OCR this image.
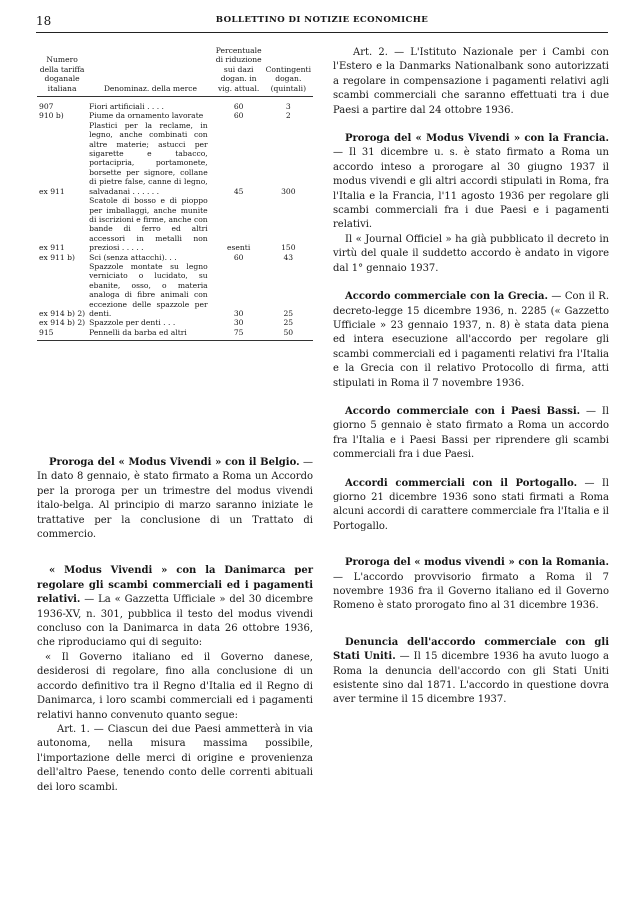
18	BOLLETTINO DI NOTIZIE ECONOMICHE
Numero della tariffa doganale italiana	Denominaz. della merce	Percentuale di riduzione sui dazi dogan. in vig. attual.	Contingenti dogan. (quintali)
907	Fiori artificiali . . . .	60	3
910 b)	Piume da ornamento lavorate	60	2
ex 911	Plastici per la reclame, in legno, anche combinati con altre materie; astucci per sigarette e tabacco, portacipria, portamonete, borsette per signore, collane di pietre false, canne di legno, salvadanai . . . . . .	45	300
ex 911	Scatole di bosso e di pioppo per imballaggi, anche munite di iscrizioni e firme, anche con bande di ferro ed altri accessori in metalli non preziosi . . . . .	esenti	150
ex 911 b)	Sci (senza attacchi). . .	60	43
ex 914 b) 2)	Spazzole montate su legno verniciato o lucidato, su ebanite, osso, o materia analoga di fibre animali con eccezione delle spazzole per denti.	30	25
ex 914 b) 2)	Spazzole per denti . . .	30	25
915	Pennelli da barba ed altri	75	50

Proroga del « Modus Vivendi » con il Belgio. — In dato 8 gennaio, è stato firmato a Roma un Accordo per la proroga per un trimestre del modus vivendi italo-belga. Al principio di marzo saranno iniziate le trattative per la conclusione di un Trattato di commercio.

« Modus Vivendi » con la Danimarca per regolare gli scambi commerciali ed i pagamenti relativi. — La « Gazzetta Ufficiale » del 30 dicembre 1936-XV, n. 301, pubblica il testo del modus vivendi concluso con la Danimarca in data 26 ottobre 1936, che riproduciamo qui di seguito:

« Il Governo italiano ed il Governo danese, desiderosi di regolare, fino alla conclusione di un accordo definitivo tra il Regno d'Italia ed il Regno di Danimarca, i loro scambi commerciali ed i pagamenti relativi hanno convenuto quanto segue:

Art. 1. — Ciascun dei due Paesi ammetterà in via autonoma, nella misura massima possibile, l'importazione delle merci di origine e provenienza dell'altro Paese, tenendo conto delle correnti abituali dei loro scambi.

Art. 2. — L'Istituto Nazionale per i Cambi con l'Estero e la Danmarks Nationalbank sono autorizzati a regolare in compensazione i pagamenti relativi agli scambi commerciali che saranno effettuati tra i due Paesi a partire dal 24 ottobre 1936.

Proroga del « Modus Vivendi » con la Francia. — Il 31 dicembre u. s. è stato firmato a Roma un accordo inteso a prorogare al 30 giugno 1937 il modus vivendi e gli altri accordi stipulati in Roma, fra l'Italia e la Francia, l'11 agosto 1936 per regolare gli scambi commerciali fra i due Paesi e i pagamenti relativi.

Il « Journal Officiel » ha già pubblicato il decreto in virtù del quale il suddetto accordo è andato in vigore dal 1° gennaio 1937.

Accordo commerciale con la Grecia. — Con il R. decreto-legge 15 dicembre 1936, n. 2285 (« Gazzetto Ufficiale » 23 gennaio 1937, n. 8) è stata data piena ed intera esecuzione all'accordo per regolare gli scambi commerciali ed i pagamenti relativi fra l'Italia e la Grecia con il relativo Protocollo di firma, atti stipulati in Roma il 7 novembre 1936.

Accordo commerciale con i Paesi Bassi. — Il giorno 5 gennaio è stato firmato a Roma un accordo fra l'Italia e i Paesi Bassi per riprendere gli scambi commerciali fra i due Paesi.

Accordi commerciali con il Portogallo. — Il giorno 21 dicembre 1936 sono stati firmati a Roma alcuni accordi di carattere commerciale fra l'Italia e il Portogallo.

Proroga del « modus vivendi » con la Romania. — L'accordo provvisorio firmato a Roma il 7 novembre 1936 fra il Governo italiano ed il Governo Romeno è stato prorogato fino al 31 dicembre 1936.

Denuncia dell'accordo commerciale con gli Stati Uniti. — Il 15 dicembre 1936 ha avuto luogo a Roma la denuncia dell'accordo con gli Stati Uniti esistente sino dal 1871. L'accordo in questione dovra aver termine il 15 dicembre 1937.
